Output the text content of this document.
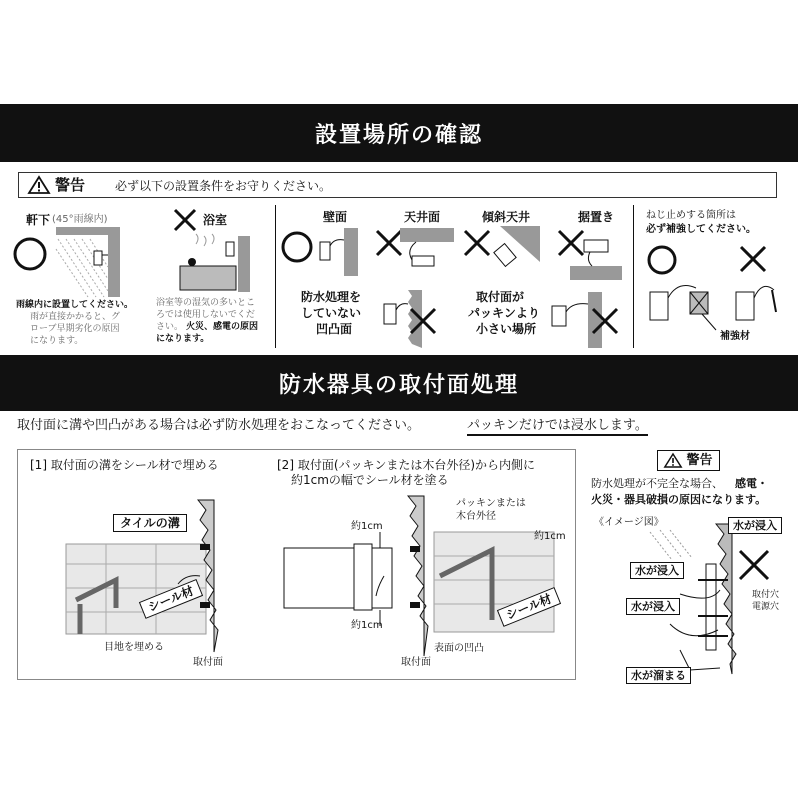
設置場所の確認
警告 必ず以下の設置条件をお守りください。
軒下 (45°雨線内)
雨線内に設置してください。
雨が直接かかると、グ
ローブ早期劣化の原因
になります。
浴室
浴室等の湿気の多いとこ
ろでは使用しないでくだ
さい。 火災、感電の原因
になります。
壁面	天井面	傾斜天井	据置き
防水処理を
していない
凹凸面
取付面が
パッキンより
小さい場所
ねじ止めする箇所は
必ず補強してください。
補強材
防水器具の取付面処理
取付面に溝や凹凸がある場合は必ず防水処理をおこなってください。	パッキンだけでは浸水します。
[1] 取付面の溝をシール材で埋める	[2] 取付面(パッキンまたは木台外径)から内側に
約1cmの幅でシール材を塗る
タイルの溝
シール材
目地を埋める
取付面
約1cm
約1cm
約1cm
パッキンまたは
木台外径
シール材
表面の凹凸
取付面
警告
防水処理が不完全な場合、 感電・
火災・器具破損の原因になります。
《イメージ図》	水が浸入
水が浸入
水が浸入
水が溜まる
取付穴
電源穴
